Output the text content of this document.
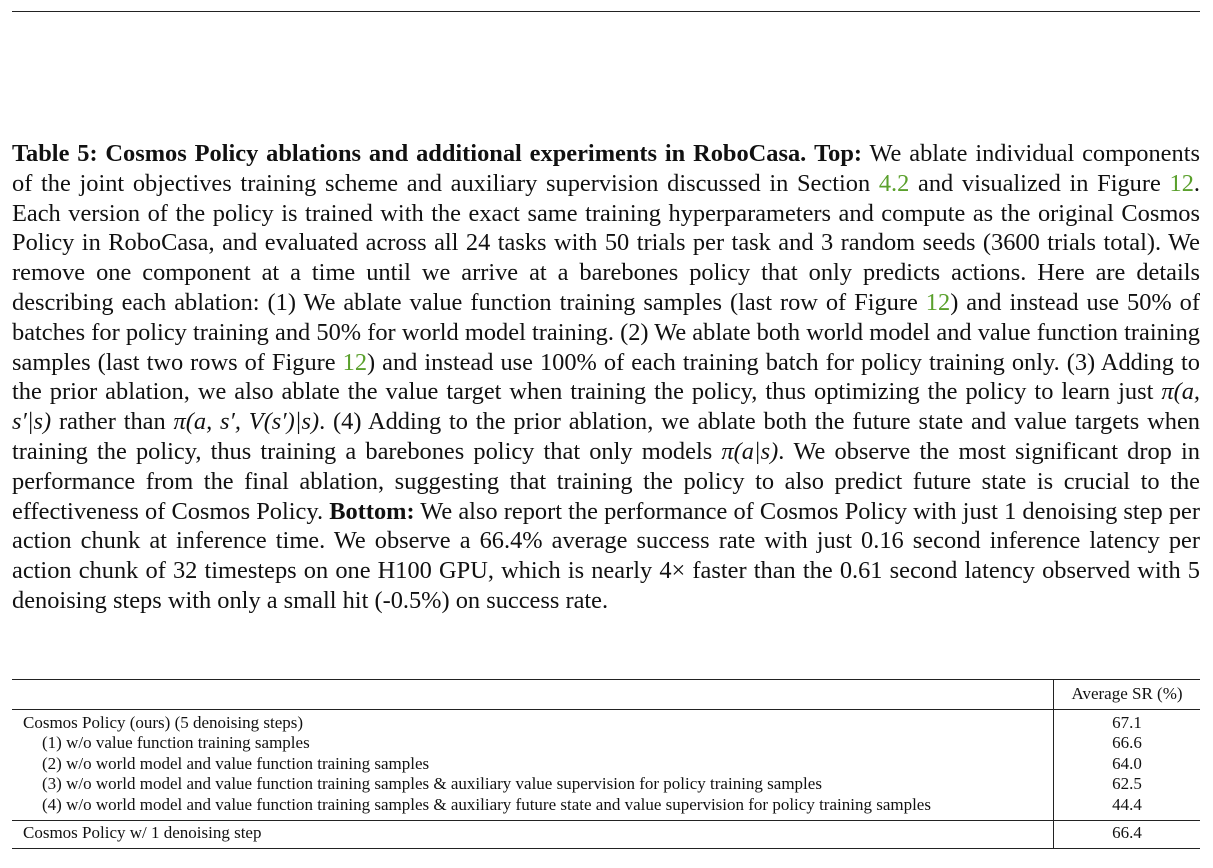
Table 5: Cosmos Policy ablations and additional experiments in RoboCasa. Top: We ablate individual components of the joint objectives training scheme and auxiliary supervision discussed in Section 4.2 and visualized in Figure 12. Each version of the policy is trained with the exact same training hyperparameters and compute as the original Cosmos Policy in RoboCasa, and evaluated across all 24 tasks with 50 trials per task and 3 random seeds (3600 trials total). We remove one component at a time until we arrive at a barebones policy that only predicts actions. Here are details describing each ablation: (1) We ablate value function training samples (last row of Figure 12) and instead use 50% of batches for policy training and 50% for world model training. (2) We ablate both world model and value function training samples (last two rows of Figure 12) and instead use 100% of each training batch for policy training only. (3) Adding to the prior ablation, we also ablate the value target when training the policy, thus optimizing the policy to learn just π(a, s′|s) rather than π(a, s′, V(s′)|s). (4) Adding to the prior ablation, we ablate both the future state and value targets when training the policy, thus training a barebones policy that only models π(a|s). We observe the most significant drop in performance from the final ablation, suggesting that training the policy to also predict future state is crucial to the effectiveness of Cosmos Policy. Bottom: We also report the performance of Cosmos Policy with just 1 denoising step per action chunk at inference time. We observe a 66.4% average success rate with just 0.16 second inference latency per action chunk of 32 timesteps on one H100 GPU, which is nearly 4× faster than the 0.61 second latency observed with 5 denoising steps with only a small hit (-0.5%) on success rate.
	Average SR (%)
Cosmos Policy (ours) (5 denoising steps)	67.1
(1) w/o value function training samples	66.6
(2) w/o world model and value function training samples	64.0
(3) w/o world model and value function training samples & auxiliary value supervision for policy training samples	62.5
(4) w/o world model and value function training samples & auxiliary future state and value supervision for policy training samples	44.4
Cosmos Policy w/ 1 denoising step	66.4
